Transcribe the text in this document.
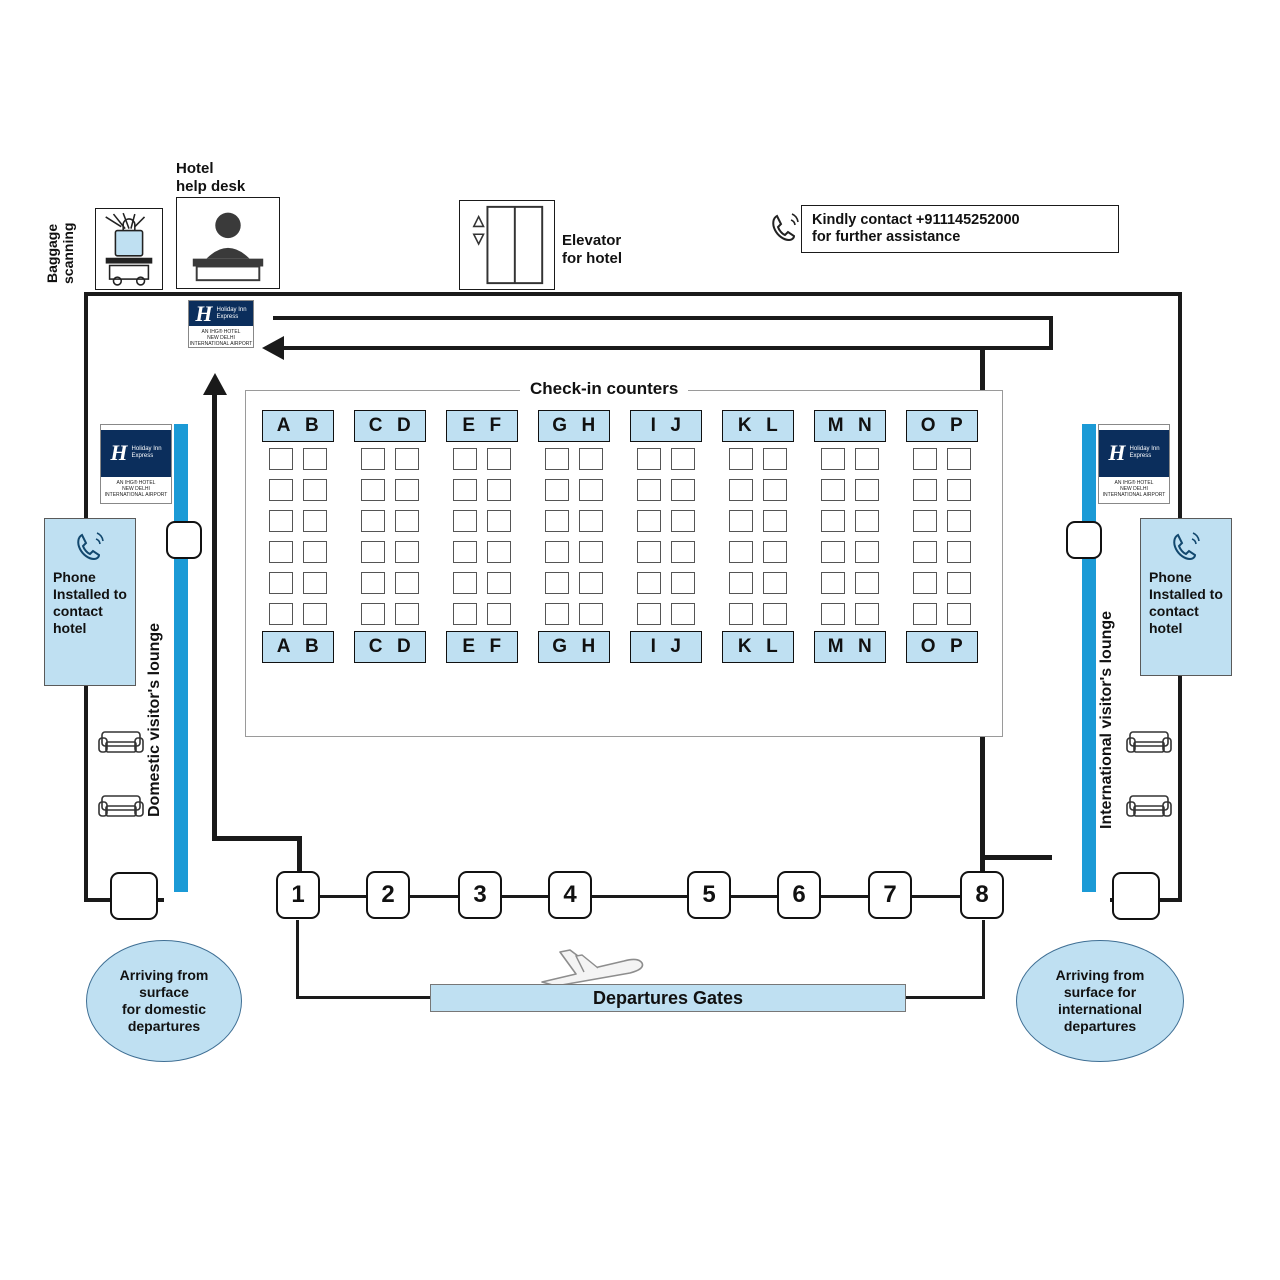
Domestic visitor's lounge	International visitor's lounge
Baggage scanning
Hotel
help desk
Elevator
for hotel
Kindly contact +911145252000
for further assistance
H Holiday Inn
Express
AN IHG® HOTEL
NEW DELHI
INTERNATIONAL AIRPORT
H Holiday Inn
Express
AN IHG® HOTEL
NEW DELHI
INTERNATIONAL AIRPORT
H Holiday Inn
Express
AN IHG® HOTEL
NEW DELHI
INTERNATIONAL AIRPORT
Phone
Installed to
contact
hotel
Phone
Installed to
contact
hotel
Check-in counters
A B
A B
C D
C D
E F
E F
G H
G H
I J
I J
K L
K L
M N
M N
O P
O P
1	2	3	4	5	6	7	8
Departures Gates
Arriving from
surface
for domestic
departures
Arriving from
surface for
international
departures
